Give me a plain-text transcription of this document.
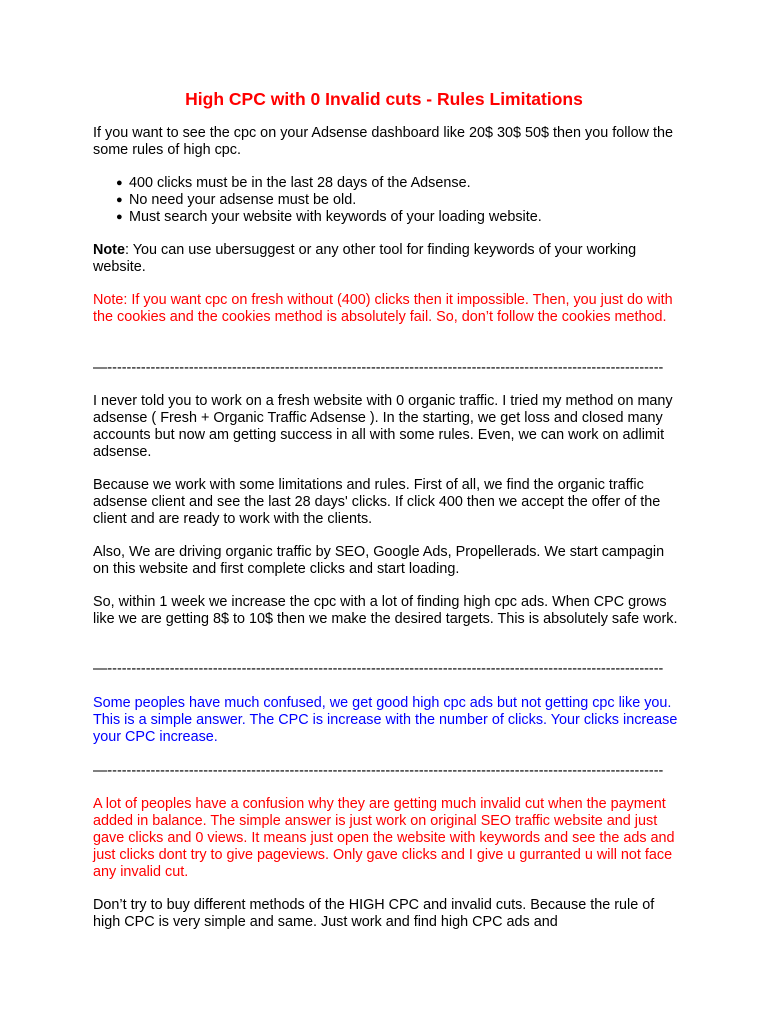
High CPC with 0 Invalid cuts - Rules Limitations

If you want to see the cpc on your Adsense dashboard like 20$ 30$ 50$ then you follow the some rules of high cpc.

● 400 clicks must be in the last 28 days of the Adsense.
● No need your adsense must be old.
● Must search your website with keywords of your loading website.

Note: You can use ubersuggest or any other tool for finding keywords of your working website.

Note: If you want cpc on fresh without (400) clicks then it impossible. Then, you just do with the cookies and the cookies method is absolutely fail. So, don’t follow the cookies method.

—--------------------------------------------------------------------------------------------------------------------

I never told you to work on a fresh website with 0 organic traffic. I tried my method on many adsense ( Fresh + Organic Traffic Adsense ). In the starting, we get loss and closed many accounts but now am getting success in all with some rules. Even, we can work on adlimit adsense.

Because we work with some limitations and rules. First of all, we find the organic traffic adsense client and see the last 28 days' clicks. If click 400 then we accept the offer of the client and are ready to work with the clients.

Also, We are driving organic traffic by SEO, Google Ads, Propellerads. We start campagin on this website and first complete clicks and start loading.

So, within 1 week we increase the cpc with a lot of finding high cpc ads. When CPC grows like we are getting 8$ to 10$ then we make the desired targets. This is absolutely safe work.

—--------------------------------------------------------------------------------------------------------------------

Some peoples have much confused, we get good high cpc ads but not getting cpc like you. This is a simple answer. The CPC is increase with the number of clicks. Your clicks increase your CPC increase.

—--------------------------------------------------------------------------------------------------------------------

A lot of peoples have a confusion why they are getting much invalid cut when the payment added in balance. The simple answer is just work on original SEO traffic website and just gave clicks and 0 views. It means just open the website with keywords and see the ads and just clicks dont try to give pageviews. Only gave clicks and I give u gurranted u will not face any invalid cut.

Don’t try to buy different methods of the HIGH CPC and invalid cuts. Because the rule of high CPC is very simple and same. Just work and find high CPC ads and
